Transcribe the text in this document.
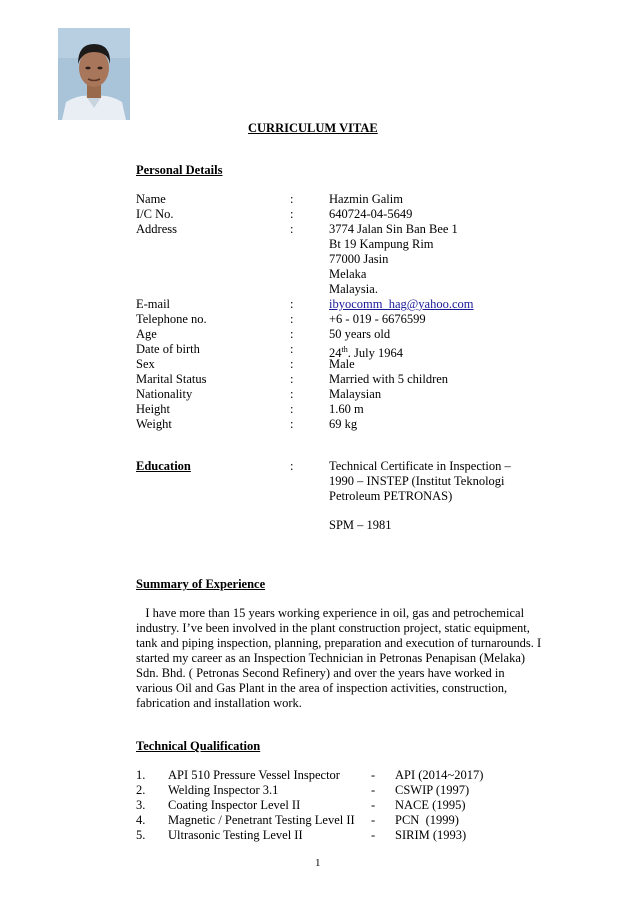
CURRICULUM VITAE
Personal Details
Name	:	Hazmin Galim
I/C No.	:	640724-04-5649
Address	:	3774 Jalan Sin Ban Bee 1
Bt 19 Kampung Rim
77000 Jasin
Melaka
Malaysia.
E-mail	:	ibyocomm_hag@yahoo.com
Telephone no.	:	+6 - 019 - 6676599
Age	:	50 years old
Date of birth	:	24th. July 1964
Sex	:	Male
Marital Status	:	Married with 5 children
Nationality	:	Malaysian
Height	:	1.60 m
Weight	:	69 kg
Education	:	Technical Certificate in Inspection –
1990 – INSTEP (Institut Teknologi
Petroleum PETRONAS)
SPM – 1981
Summary of Experience
I have more than 15 years working experience in oil, gas and petrochemical
industry. I’ve been involved in the plant construction project, static equipment,
tank and piping inspection, planning, preparation and execution of turnarounds. I
started my career as an Inspection Technician in Petronas Penapisan (Melaka)
Sdn. Bhd. ( Petronas Second Refinery) and over the years have worked in
various Oil and Gas Plant in the area of inspection activities, construction,
fabrication and installation work.
Technical Qualification
1. API 510 Pressure Vessel Inspector - API (2014~2017)
2. Welding Inspector 3.1	- CSWIP (1997)
3. Coating Inspector Level II	- NACE (1995)
4. Magnetic / Penetrant Testing Level II - PCN  (1999)
5. Ultrasonic Testing Level II	- SIRIM (1993)
1
